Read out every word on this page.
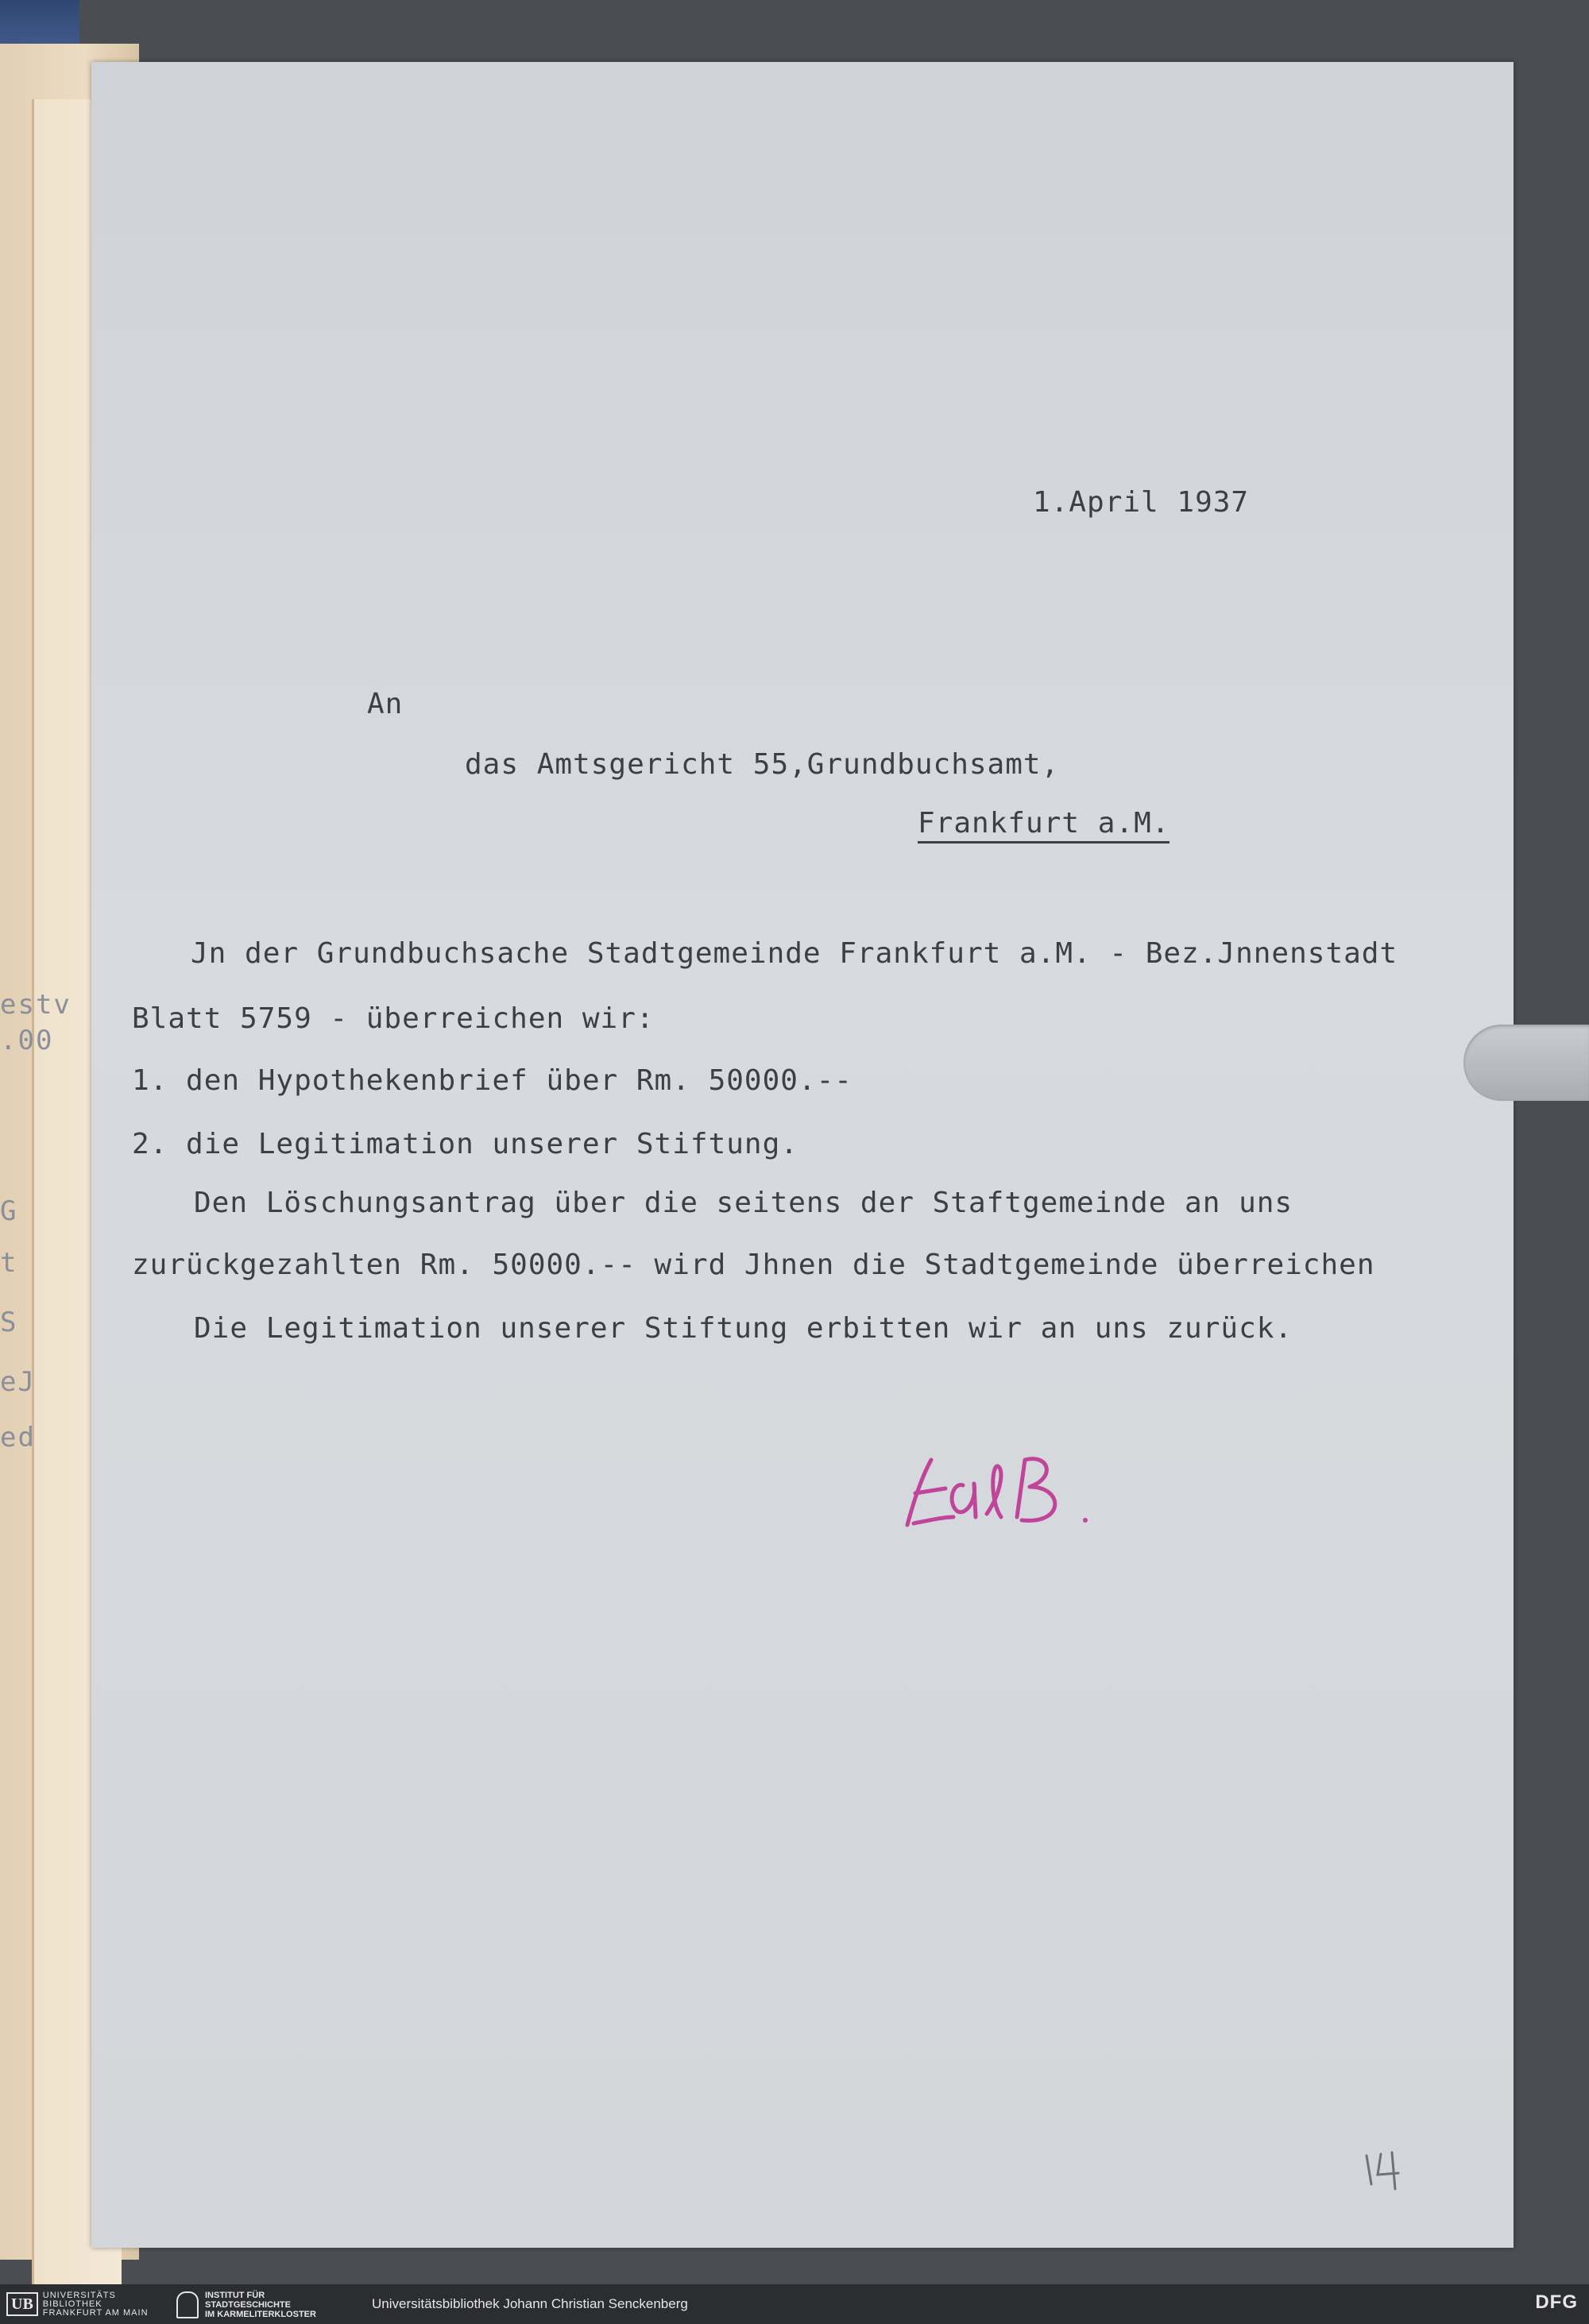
estv
.00
G
t
S
eJ
ed
1.April 1937
An
das Amtsgericht 55,Grundbuchsamt,
Frankfurt a.M.
Jn der Grundbuchsache Stadtgemeinde Frankfurt a.M. - Bez.Jnnenstadt
Blatt 5759 - überreichen wir:
1. den Hypothekenbrief über Rm. 50000.--
2. die Legitimation unserer Stiftung.
Den Löschungsantrag über die seitens der Staftgemeinde an uns
zurückgezahlten Rm. 50000.-- wird Jhnen die Stadtgemeinde überreichen
Die Legitimation unserer Stiftung erbitten wir an uns zurück.
UB
UNIVERSITÄTS
BIBLIOTHEK
FRANKFURT AM MAIN
INSTITUT FÜR
STADTGESCHICHTE
IM KARMELITERKLOSTER
Universitätsbibliothek Johann Christian Senckenberg	DFG
